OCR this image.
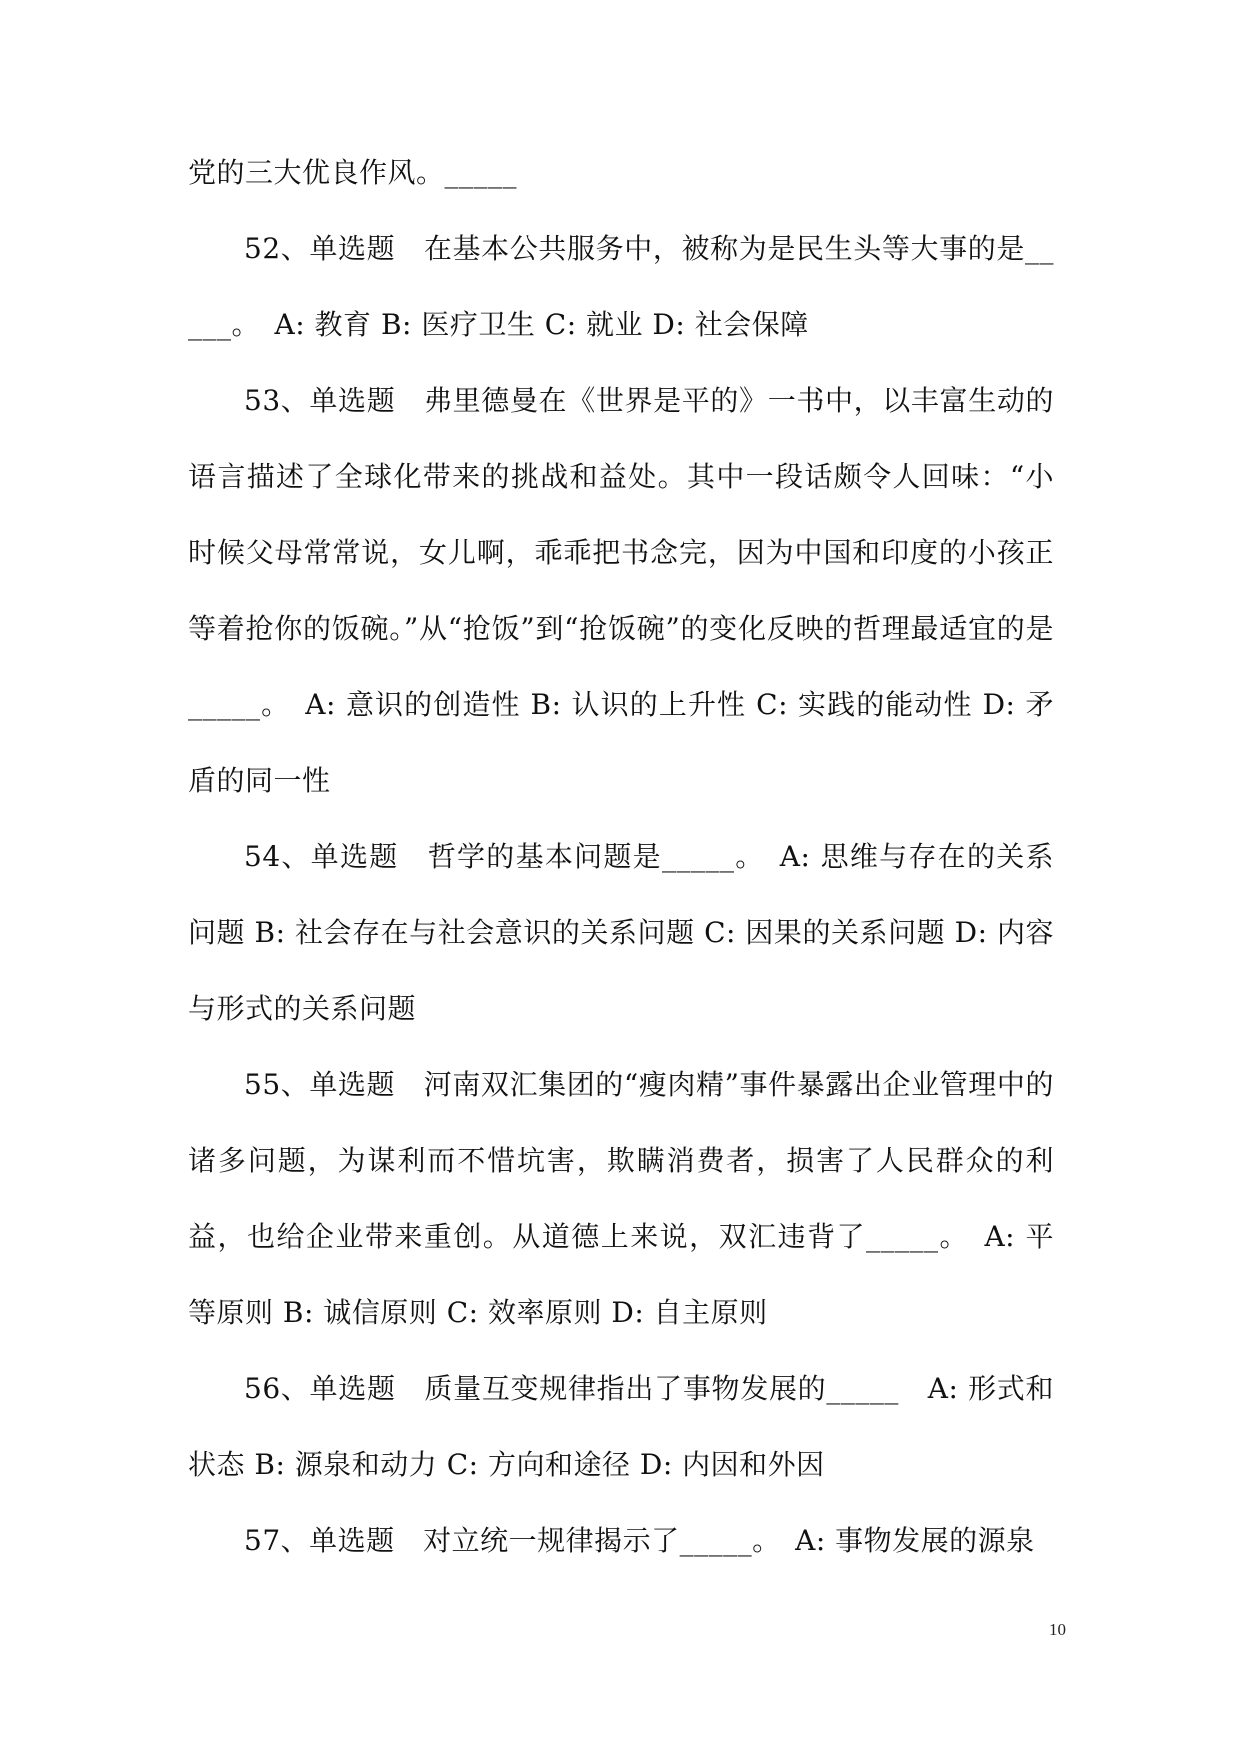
党的三大优良作风。_____

52、单选题　在基本公共服务中，被称为是民生头等大事的是_____。　A: 教育 B: 医疗卫生 C: 就业 D: 社会保障

53、单选题　弗里德曼在《世界是平的》一书中，以丰富生动的语言描述了全球化带来的挑战和益处。其中一段话颇令人回味：“小时候父母常常说，女儿啊，乖乖把书念完，因为中国和印度的小孩正等着抢你的饭碗。”从“抢饭”到“抢饭碗”的变化反映的哲理最适宜的是_____。　A: 意识的创造性 B: 认识的上升性 C: 实践的能动性 D: 矛盾的同一性

54、单选题　哲学的基本问题是_____。　A: 思维与存在的关系问题 B: 社会存在与社会意识的关系问题 C: 因果的关系问题 D: 内容与形式的关系问题

55、单选题　河南双汇集团的“瘦肉精”事件暴露出企业管理中的诸多问题，为谋利而不惜坑害，欺瞒消费者，损害了人民群众的利益，也给企业带来重创。从道德上来说，双汇违背了_____。　A: 平等原则 B: 诚信原则 C: 效率原则 D: 自主原则

56、单选题　质量互变规律指出了事物发展的_____　A: 形式和状态 B: 源泉和动力 C: 方向和途径 D: 内因和外因

57、单选题　对立统一规律揭示了_____。　A: 事物发展的源泉

10
